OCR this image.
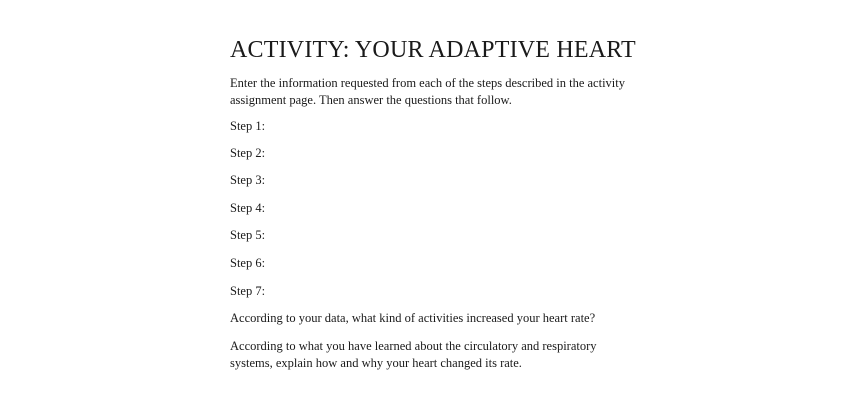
ACTIVITY: YOUR ADAPTIVE HEART

Enter the information requested from each of the steps described in the activity assignment page. Then answer the questions that follow.

Step 1:

Step 2:

Step 3:

Step 4:

Step 5:

Step 6:

Step 7:

According to your data, what kind of activities increased your heart rate?

According to what you have learned about the circulatory and respiratory systems, explain how and why your heart changed its rate.
